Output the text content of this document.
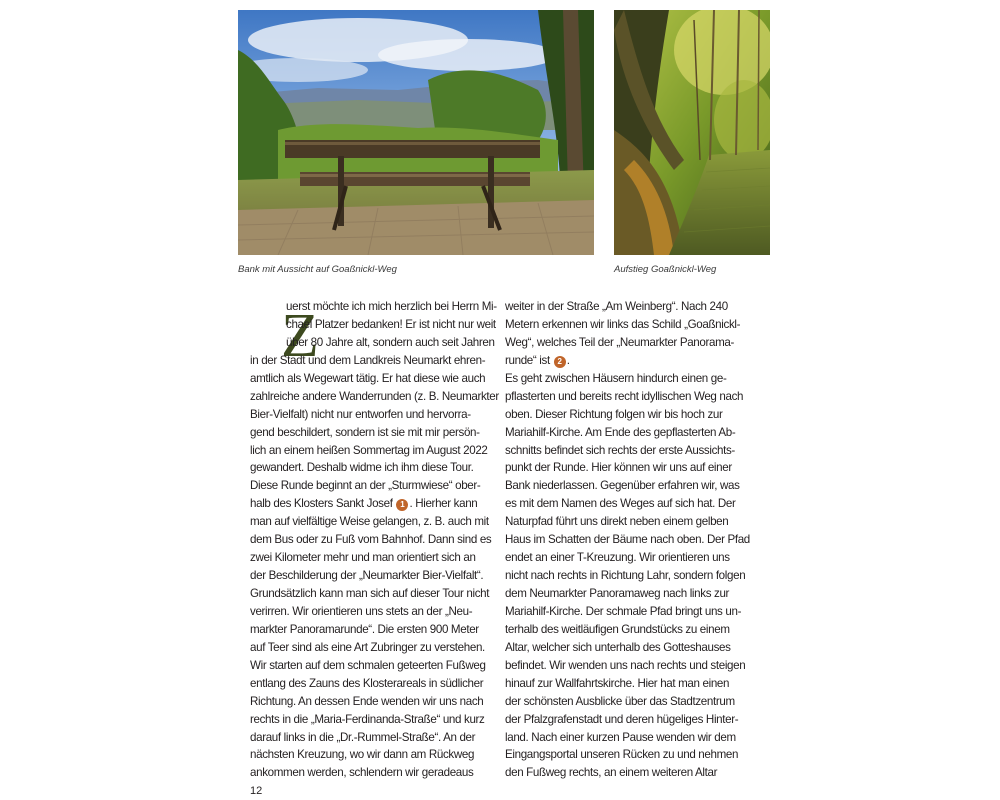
Bank mit Aussicht auf Goaßnickl-Weg	Aufstieg Goaßnickl-Weg
Z
uerst möchte ich mich herzlich bei Herrn Mi-
chael Platzer bedanken! Er ist nicht nur weit
über 80 Jahre alt, sondern auch seit Jahren
in der Stadt und dem Landkreis Neumarkt ehren-
amtlich als Wegewart tätig. Er hat diese wie auch
zahlreiche andere Wanderrunden (z. B. Neumarkter
Bier-Vielfalt) nicht nur entworfen und hervorra-
gend beschildert, sondern ist sie mit mir persön-
lich an einem heißen Sommertag im August 2022
gewandert. Deshalb widme ich ihm diese Tour.
Diese Runde beginnt an der „Sturmwiese“ ober-
halb des Klosters Sankt Josef 1 . Hierher kann
man auf vielfältige Weise gelangen, z. B. auch mit
dem Bus oder zu Fuß vom Bahnhof. Dann sind es
zwei Kilometer mehr und man orientiert sich an
der Beschilderung der „Neumarkter Bier-Vielfalt“.
Grundsätzlich kann man sich auf dieser Tour nicht
verirren. Wir orientieren uns stets an der „Neu-
markter Panoramarunde“. Die ersten 900 Meter
auf Teer sind als eine Art Zubringer zu verstehen.
Wir starten auf dem schmalen geteerten Fußweg
entlang des Zauns des Klosterareals in südlicher
Richtung. An dessen Ende wenden wir uns nach
rechts in die „Maria-Ferdinanda-Straße“ und kurz
darauf links in die „Dr.-Rummel-Straße“. An der
nächsten Kreuzung, wo wir dann am Rückweg
ankommen werden, schlendern wir geradeaus
weiter in der Straße „Am Weinberg“. Nach 240
Metern erkennen wir links das Schild „Goaßnickl-
Weg“, welches Teil der „Neumarkter Panorama-
runde“ ist 2 .
Es geht zwischen Häusern hindurch einen ge-
pflasterten und bereits recht idyllischen Weg nach
oben. Dieser Richtung folgen wir bis hoch zur
Mariahilf-Kirche. Am Ende des gepflasterten Ab-
schnitts befindet sich rechts der erste Aussichts-
punkt der Runde. Hier können wir uns auf einer
Bank niederlassen. Gegenüber erfahren wir, was
es mit dem Namen des Weges auf sich hat. Der
Naturpfad führt uns direkt neben einem gelben
Haus im Schatten der Bäume nach oben. Der Pfad
endet an einer T-Kreuzung. Wir orientieren uns
nicht nach rechts in Richtung Lahr, sondern folgen
dem Neumarkter Panoramaweg nach links zur
Mariahilf-Kirche. Der schmale Pfad bringt uns un-
terhalb des weitläufigen Grundstücks zu einem
Altar, welcher sich unterhalb des Gotteshauses
befindet. Wir wenden uns nach rechts und steigen
hinauf zur Wallfahrtskirche. Hier hat man einen
der schönsten Ausblicke über das Stadtzentrum
der Pfalzgrafenstadt und deren hügeliges Hinter-
land. Nach einer kurzen Pause wenden wir dem
Eingangsportal unseren Rücken zu und nehmen
den Fußweg rechts, an einem weiteren Altar
12
